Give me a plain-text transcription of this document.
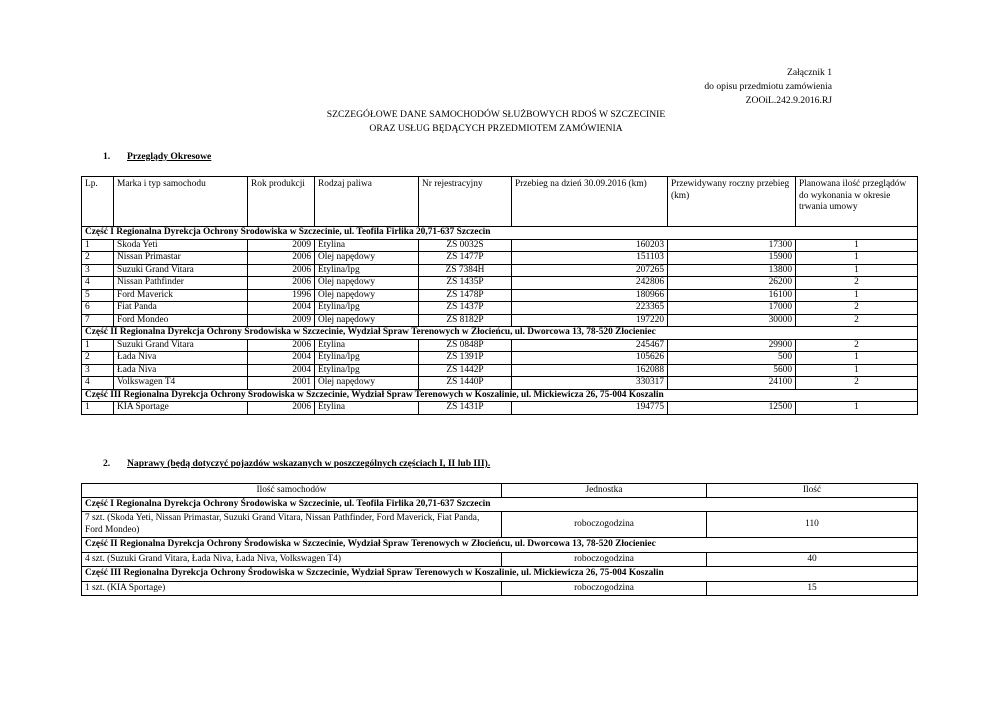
Załącznik 1
do opisu przedmiotu zamówienia
ZOOiL.242.9.2016.RJ
SZCZEGÓŁOWE DANE SAMOCHODÓW SŁUŻBOWYCH RDOŚ W SZCZECINIE
ORAZ USŁUG BĘDĄCYCH PRZEDMIOTEM ZAMÓWIENIA
1. Przeglądy Okresowe
Lp.	Marka i typ samochodu	Rok produkcji	Rodzaj paliwa	Nr rejestracyjny	Przebieg na dzień 30.09.2016 (km)	Przewidywany roczny przebieg (km)	Planowana ilość przeglądów do wykonania w okresie trwania umowy
Część I Regionalna Dyrekcja Ochrony Środowiska w Szczecinie, ul. Teofila Firlika 20,71-637 Szczecin							
1	Skoda Yeti	2009	Etylina	ZS 0032S	160203	17300	1
2	Nissan Primastar	2006	Olej napędowy	ZS 1477P	151103	15900	1
3	Suzuki Grand Vitara	2006	Etylina/lpg	ZS 7384H	207265	13800	1
4	Nissan Pathfinder	2006	Olej napędowy	ZS 1435P	242806	26200	2
5	Ford Maverick	1996	Olej napędowy	ZS 1478P	180966	16100	1
6	Fiat Panda	2004	Etylina/lpg	ZS 1437P	223365	17000	2
7	Ford Mondeo	2009	Olej napędowy	ZS 8182P	197220	30000	2
Część II Regionalna Dyrekcja Ochrony Środowiska w Szczecinie, Wydział Spraw Terenowych w Złocieńcu, ul. Dworcowa 13, 78-520 Złocieniec							
1	Suzuki Grand Vitara	2006	Etylina	ZS 0848P	245467	29900	2
2	Łada Niva	2004	Etylina/lpg	ZS 1391P	105626	500	1
3	Łada Niva	2004	Etylina/lpg	ZS 1442P	162088	5600	1
4	Volkswagen T4	2001	Olej napędowy	ZS 1440P	330317	24100	2
Część III Regionalna Dyrekcja Ochrony Środowiska w Szczecinie, Wydział Spraw Terenowych w Koszalinie, ul. Mickiewicza 26, 75-004 Koszalin							
1	KIA Sportage	2006	Etylina	ZS 1431P	194775	12500	1
2. Naprawy (będą dotyczyć pojazdów wskazanych w poszczególnych częściach I, II lub III).
Ilość samochodów	Jednostka	Ilość
Część I Regionalna Dyrekcja Ochrony Środowiska w Szczecinie, ul. Teofila Firlika 20,71-637 Szczecin		
7 szt. (Skoda Yeti, Nissan Primastar, Suzuki Grand Vitara, Nissan Pathfinder, Ford Maverick, Fiat Panda, Ford Mondeo)	roboczogodzina	110
Część II Regionalna Dyrekcja Ochrony Środowiska w Szczecinie, Wydział Spraw Terenowych w Złocieńcu, ul. Dworcowa 13, 78-520 Złocieniec		
4 szt. (Suzuki Grand Vitara, Łada Niva, Łada Niva, Volkswagen T4)	roboczogodzina	40
Część III Regionalna Dyrekcja Ochrony Środowiska w Szczecinie, Wydział Spraw Terenowych w Koszalinie, ul. Mickiewicza 26, 75-004 Koszalin		
1 szt. (KIA Sportage)	roboczogodzina	15
